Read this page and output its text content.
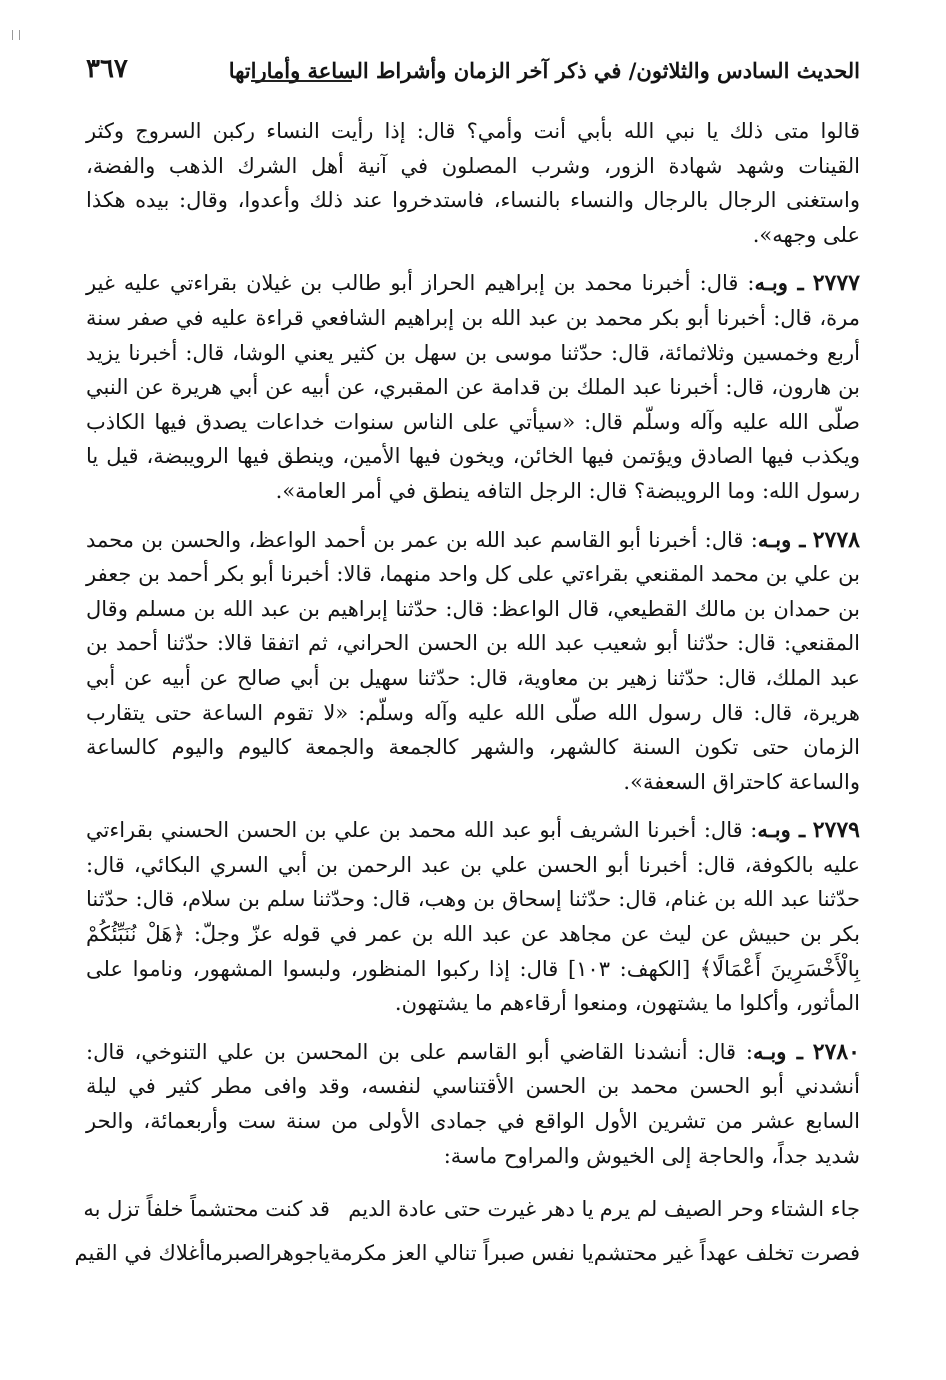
الحديث السادس والثلاثون/ في ذكر آخر الزمان وأشراط الساعة وأماراتها
٣٦٧

قالوا متى ذلك يا نبي الله بأبي أنت وأمي؟ قال: إذا رأيت النساء ركبن السروج وكثر القينات وشهد شهادة الزور، وشرب المصلون في آنية أهل الشرك الذهب والفضة، واستغنى الرجال بالرجال والنساء بالنساء، فاستدخروا عند ذلك وأعدوا، وقال: بيده هكذا على وجهه».

٢٧٧٧ ـ وبـه: قال: أخبرنا محمد بن إبراهيم الحراز أبو طالب بن غيلان بقراءتي عليه غير مرة، قال: أخبرنا أبو بكر محمد بن عبد الله بن إبراهيم الشافعي قراءة عليه في صفر سنة أربع وخمسين وثلاثمائة، قال: حدّثنا موسى بن سهل بن كثير يعني الوشا، قال: أخبرنا يزيد بن هارون، قال: أخبرنا عبد الملك بن قدامة عن المقبري، عن أبيه عن أبي هريرة عن النبي صلّى الله عليه وآله وسلّم قال: «سيأتي على الناس سنوات خداعات يصدق فيها الكاذب ويكذب فيها الصادق ويؤتمن فيها الخائن، ويخون فيها الأمين، وينطق فيها الرويبضة، قيل يا رسول الله: وما الرويبضة؟ قال: الرجل التافه ينطق في أمر العامة».

٢٧٧٨ ـ وبـه: قال: أخبرنا أبو القاسم عبد الله بن عمر بن أحمد الواعظ، والحسن بن محمد بن علي بن محمد المقنعي بقراءتي على كل واحد منهما، قالا: أخبرنا أبو بكر أحمد بن جعفر بن حمدان بن مالك القطيعي، قال الواعظ: قال: حدّثنا إبراهيم بن عبد الله بن مسلم وقال المقنعي: قال: حدّثنا أبو شعيب عبد الله بن الحسن الحراني، ثم اتفقا قالا: حدّثنا أحمد بن عبد الملك، قال: حدّثنا زهير بن معاوية، قال: حدّثنا سهيل بن أبي صالح عن أبيه عن أبي هريرة، قال: قال رسول الله صلّى الله عليه وآله وسلّم: «لا تقوم الساعة حتى يتقارب الزمان حتى تكون السنة كالشهر، والشهر كالجمعة والجمعة كاليوم واليوم كالساعة والساعة كاحتراق السعفة».

٢٧٧٩ ـ وبـه: قال: أخبرنا الشريف أبو عبد الله محمد بن علي بن الحسن الحسني بقراءتي عليه بالكوفة، قال: أخبرنا أبو الحسن علي بن عبد الرحمن بن أبي السري البكائي، قال: حدّثنا عبد الله بن غنام، قال: حدّثنا إسحاق بن وهب، قال: وحدّثنا سلم بن سلام، قال: حدّثنا بكر بن حبيش عن ليث عن مجاهد عن عبد الله بن عمر في قوله عزّ وجلّ: ﴿هَلْ نُنَبِّئُكُمْ بِالْأَخْسَرِينَ أَعْمَالًا﴾ [الكهف: ١٠٣] قال: إذا ركبوا المنظور، ولبسوا المشهور، وناموا على المأثور، وأكلوا ما يشتهون، ومنعوا أرقاءهم ما يشتهون.

٢٧٨٠ ـ وبـه: قال: أنشدنا القاضي أبو القاسم على بن المحسن بن علي التنوخي، قال: أنشدني أبو الحسن محمد بن الحسن الأقتناسي لنفسه، وقد وافى مطر كثير في ليلة السابع عشر من تشرين الأول الواقع في جمادى الأولى من سنة ست وأربعمائة، والحر شديد جداً، والحاجة إلى الخيوش والمراوح ماسة:

جاء الشتاء وحر الصيف لم يرم
يا دهر غيرت حتى عادة الديم
قد كنت محتشماً خلفاً تزل به
فصرت تخلف عهداً غير محتشم
يا نفس صبراً تنالي العز مكرمة
ياجوهرالصبرماأغلاك في القيم
